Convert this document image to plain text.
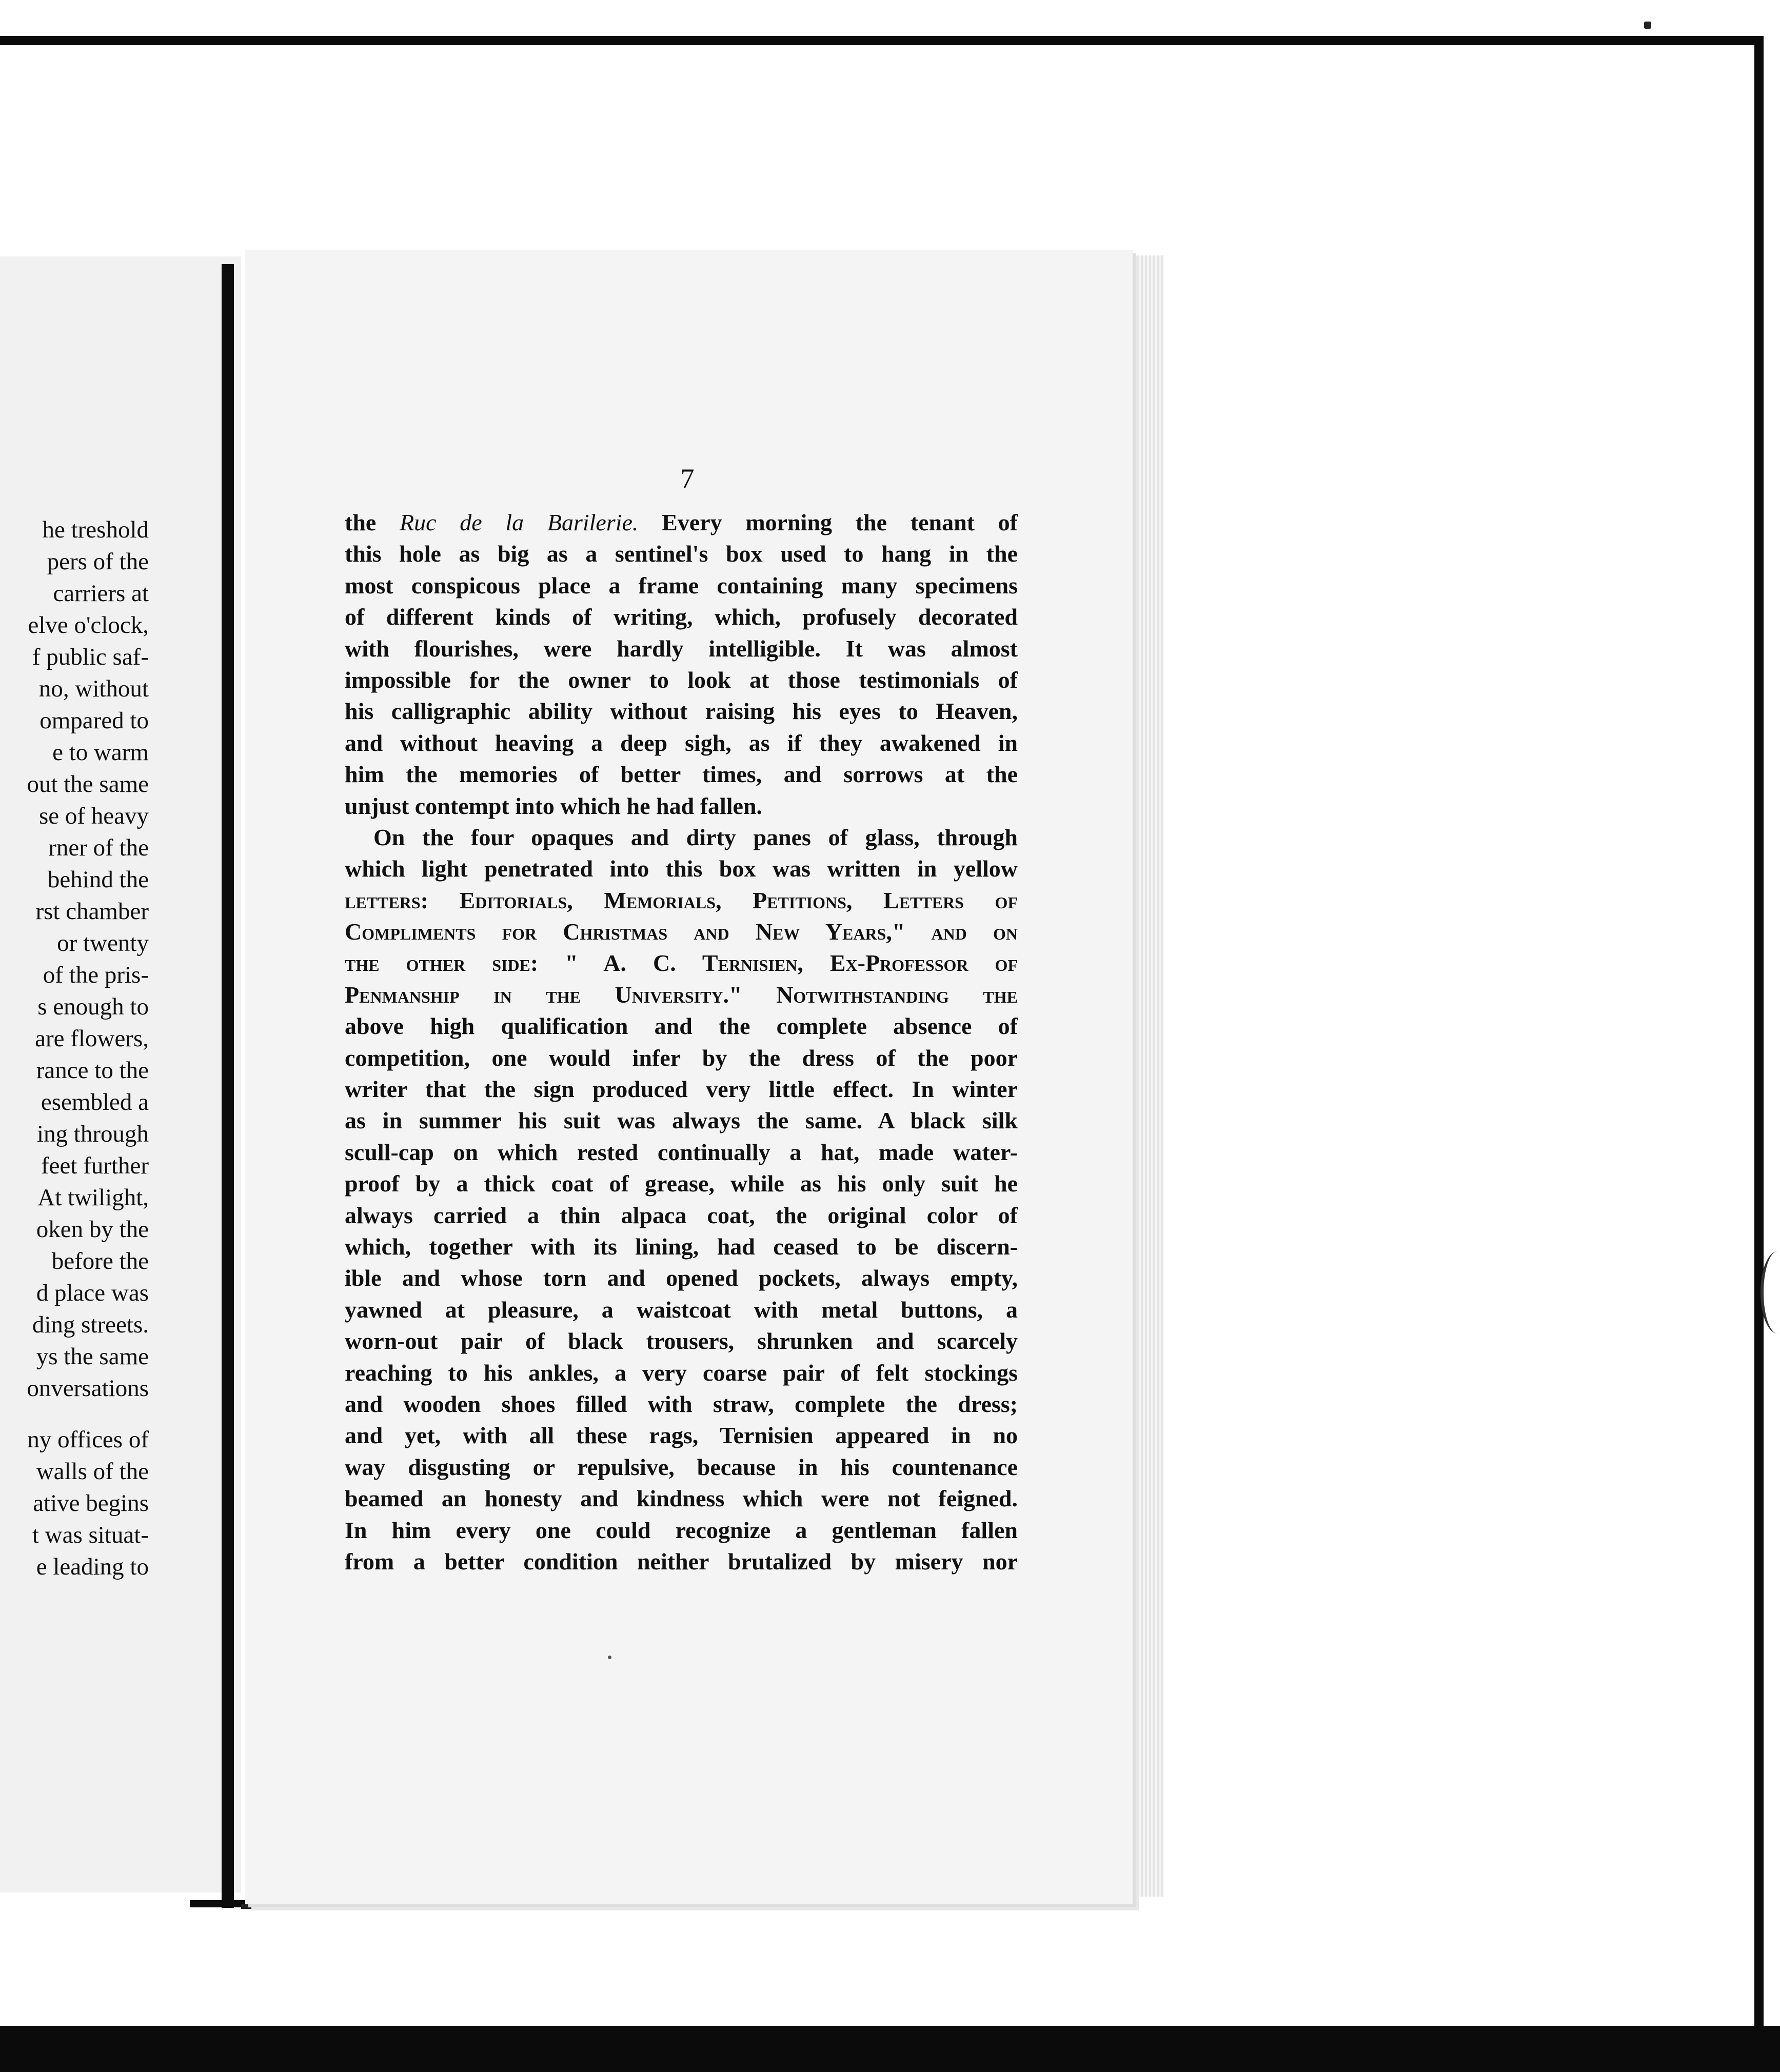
he treshold
pers of the
carriers at
elve o'clock,
f public saf-
no, without
ompared to
e to warm
out the same
se of heavy
rner of the
behind the
rst chamber
or twenty
of the pris-
s enough to
are flowers,
rance to the
esembled a
ing through
feet further
At twilight,
oken by the
before the
d place was
ding streets.
ys the same
onversations
ny offices of
walls of the
ative begins
t was situat-
e leading to
7
the Ruc de la Barilerie. Every morning the tenant of
this hole as big as a sentinel's box used to hang in the
most conspicous place a frame containing many specimens
of different kinds of writing, which, profusely decorated
with flourishes, were hardly intelligible. It was almost
impossible for the owner to look at those testimonials of
his calligraphic ability without raising his eyes to Heaven,
and without heaving a deep sigh, as if they awakened in
him the memories of better times, and sorrows at the
unjust contempt into which he had fallen.
On the four opaques and dirty panes of glass, through
which light penetrated into this box was written in yellow
letters: Editorials, Memorials, Petitions, Letters of
Compliments for Christmas and New Years," and on
the other side: " A. C. Ternisien, Ex-Professor of
Penmanship in the University." Notwithstanding the
above high qualification and the complete absence of
competition, one would infer by the dress of the poor
writer that the sign produced very little effect. In winter
as in summer his suit was always the same. A black silk
scull-cap on which rested continually a hat, made water-
proof by a thick coat of grease, while as his only suit he
always carried a thin alpaca coat, the original color of
which, together with its lining, had ceased to be discern-
ible and whose torn and opened pockets, always empty,
yawned at pleasure, a waistcoat with metal buttons, a
worn-out pair of black trousers, shrunken and scarcely
reaching to his ankles, a very coarse pair of felt stockings
and wooden shoes filled with straw, complete the dress;
and yet, with all these rags, Ternisien appeared in no
way disgusting or repulsive, because in his countenance
beamed an honesty and kindness which were not feigned.
In him every one could recognize a gentleman fallen
from a better condition neither brutalized by misery nor
